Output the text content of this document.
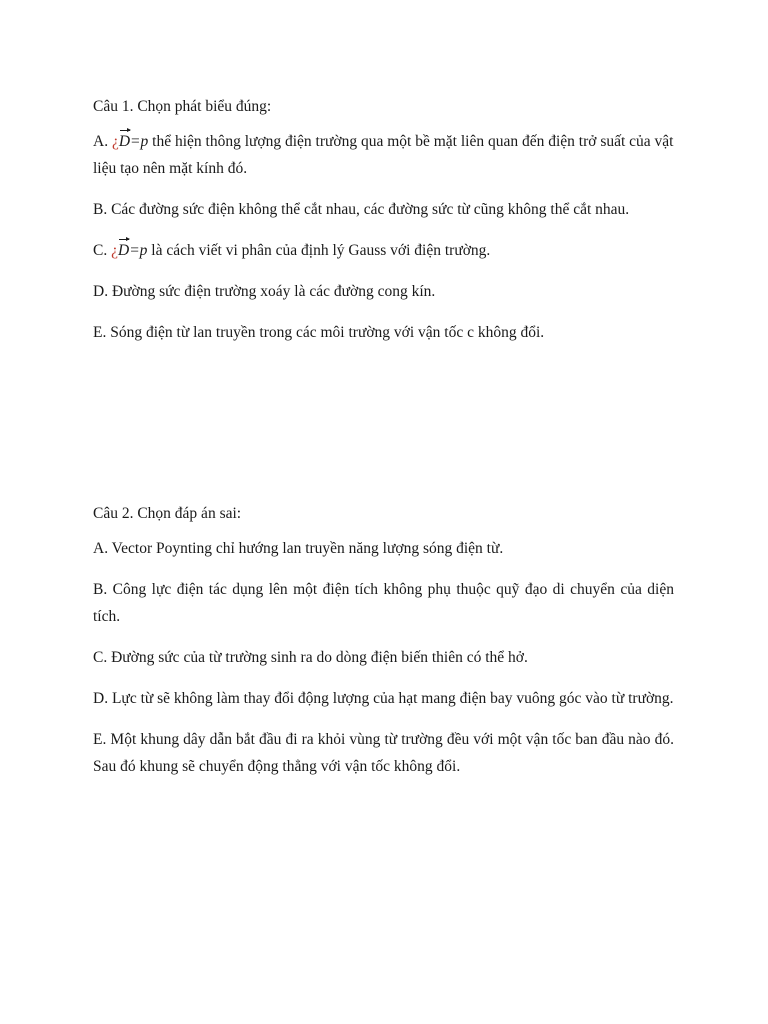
Câu 1. Chọn phát biểu đúng:

A. ¿D=p thể hiện thông lượng điện trường qua một bề mặt liên quan đến điện trở suất của vật liệu tạo nên mặt kính đó.

B. Các đường sức điện không thể cắt nhau, các đường sức từ cũng không thể cắt nhau.

C. ¿D=p là cách viết vi phân của định lý Gauss với điện trường.

D. Đường sức điện trường xoáy là các đường cong kín.

E. Sóng điện từ lan truyền trong các môi trường với vận tốc c không đổi.

Câu 2. Chọn đáp án sai:

A. Vector Poynting chỉ hướng lan truyền năng lượng sóng điện từ.

B. Công lực điện tác dụng lên một điện tích không phụ thuộc quỹ đạo di chuyển của diện tích.

C. Đường sức của từ trường sinh ra do dòng điện biến thiên có thể hở.

D. Lực từ sẽ không làm thay đổi động lượng của hạt mang điện bay vuông góc vào từ trường.

E. Một khung dây dẫn bắt đầu đi ra khỏi vùng từ trường đều với một vận tốc ban đầu nào đó. Sau đó khung sẽ chuyển động thẳng với vận tốc không đổi.
